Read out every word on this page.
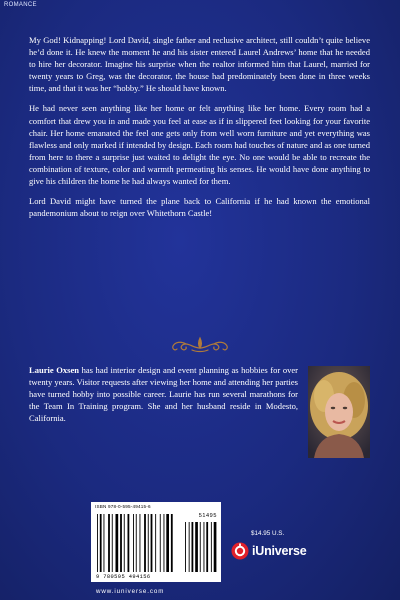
ROMANCE

My God! Kidnapping! Lord David, single father and reclusive architect, still couldn’t quite believe he’d done it. He knew the moment he and his sister entered Laurel Andrews’ home that he needed to hire her decorator. Imagine his surprise when the realtor informed him that Laurel, married for twenty years to Greg, was the decorator, the house had predominately been done in three weeks time, and that it was her “hobby.” He should have known.

He had never seen anything like her home or felt anything like her home. Every room had a comfort that drew you in and made you feel at ease as if in slippered feet looking for your favorite chair. Her home emanated the feel one gets only from well worn furniture and yet everything was flawless and only marked if intended by design. Each room had touches of nature and as one turned from here to there a surprise just waited to delight the eye. No one would be able to recreate the combination of texture, color and warmth permeating his senses. He would have done anything to give his children the home he had always wanted for them.

Lord David might have turned the plane back to California if he had known the emotional pandemonium about to reign over Whitethorn Castle!

Laurie Oxsen has had interior design and event planning as hobbies for over twenty years. Visitor requests after viewing her home and attending her parties have turned hobby into possible career. Laurie has run several marathons for the Team In Training program. She and her husband reside in Modesto, California.
ISBN 978-0-595-49415-6
51495
9 780595 494156
www.iuniverse.com
$14.95 U.S.
iUniverse
